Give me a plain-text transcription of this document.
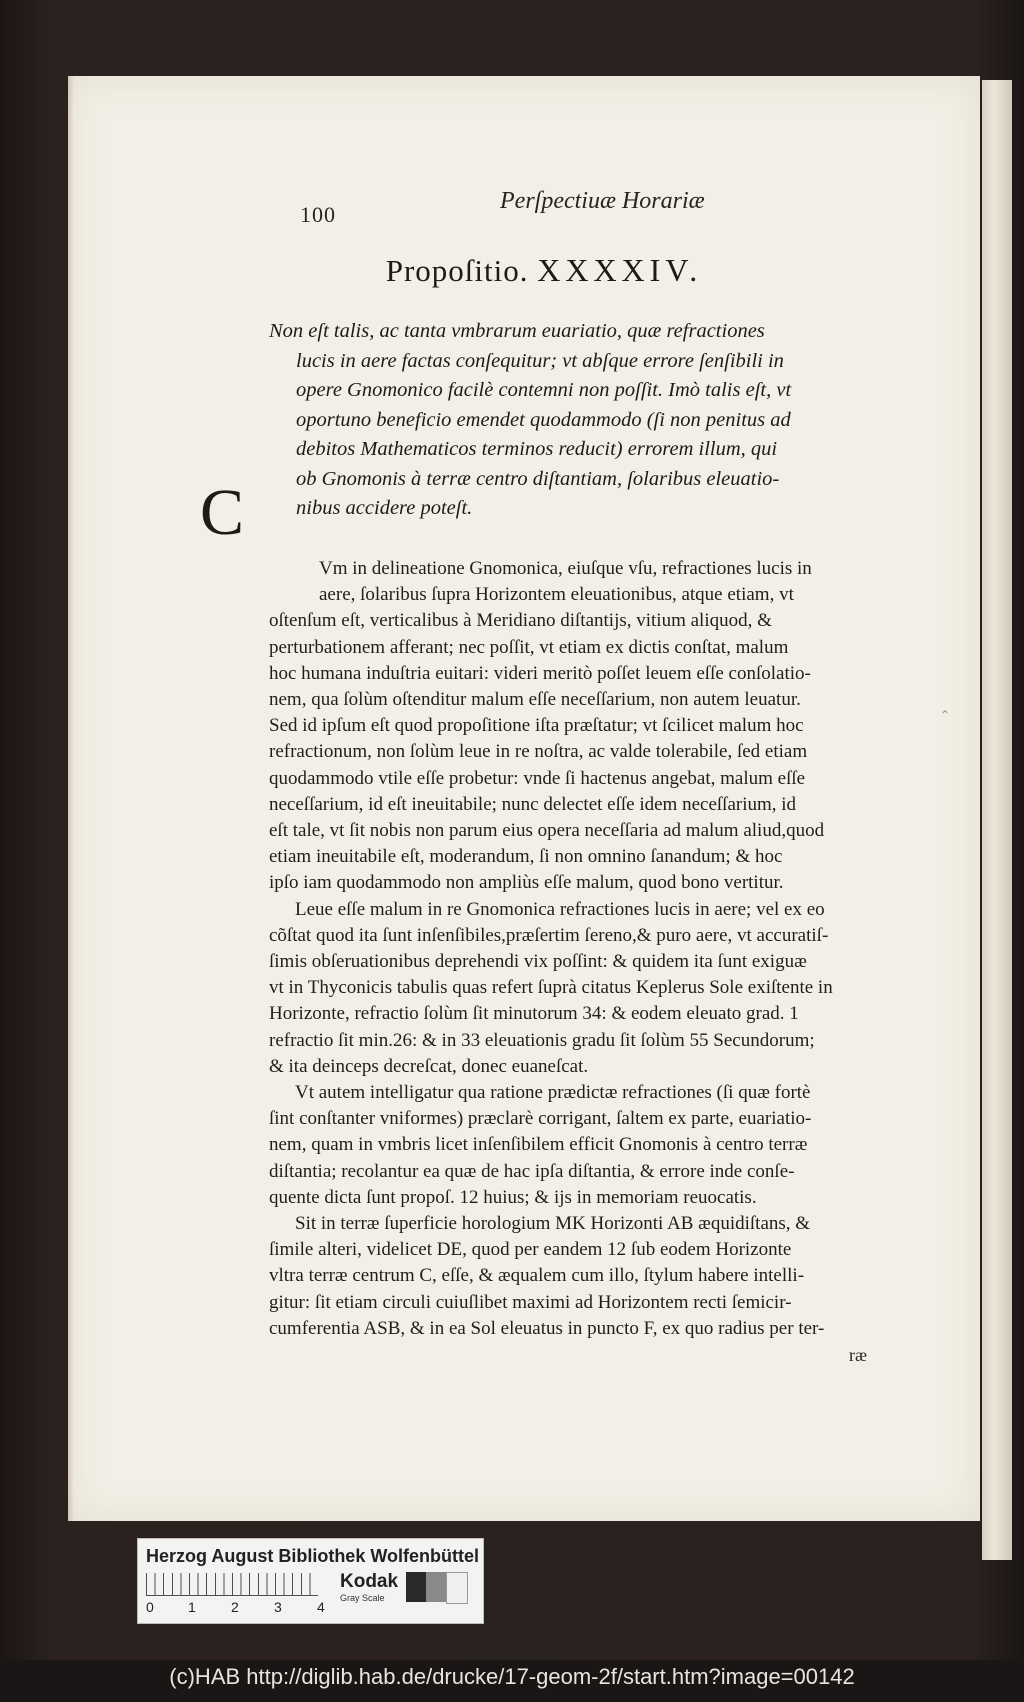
100
Perſpectiuæ Horariæ
Propoſitio. XXXXIV.
Non eſt talis, ac tanta vmbrarum euariatio, quæ refractiones
lucis in aere factas conſequitur; vt abſque errore ſenſibili in
opere Gnomonico facilè contemni non poſſit. Imò talis eſt, vt
oportuno beneficio emendet quodammodo (ſi non penitus ad
debitos Mathematicos terminos reducit) errorem illum, qui
ob Gnomonis à terræ centro diſtantiam, ſolaribus eleuatio-
nibus accidere poteſt.
⌃
C
Vm in delineatione Gnomonica, eiuſque vſu, refractiones lucis in
aere, ſolaribus ſupra Horizontem eleuationibus, atque etiam, vt
oſtenſum eſt, verticalibus à Meridiano diſtantijs, vitium aliquod, &
perturbationem afferant; nec poſſit, vt etiam ex dictis conſtat, malum
hoc humana induſtria euitari: videri meritò poſſet leuem eſſe conſolatio-
nem, qua ſolùm oſtenditur malum eſſe neceſſarium, non autem leuatur.
Sed id ipſum eſt quod propoſitione iſta præſtatur; vt ſcilicet malum hoc
refractionum, non ſolùm leue in re noſtra, ac valde tolerabile, ſed etiam
quodammodo vtile eſſe probetur: vnde ſi hactenus angebat, malum eſſe
neceſſarium, id eſt ineuitabile; nunc delectet eſſe idem neceſſarium, id
eſt tale, vt ſit nobis non parum eius opera neceſſaria ad malum aliud,quod
etiam ineuitabile eſt, moderandum, ſi non omnino ſanandum; & hoc
ipſo iam quodammodo non ampliùs eſſe malum, quod bono vertitur.
Leue eſſe malum in re Gnomonica refractiones lucis in aere; vel ex eo
cõſtat quod ita ſunt inſenſibiles,præſertim ſereno,& puro aere, vt accuratiſ-
ſimis obſeruationibus deprehendi vix poſſint: & quidem ita ſunt exiguæ
vt in Thyconicis tabulis quas refert ſuprà citatus Keplerus Sole exiſtente in
Horizonte, refractio ſolùm ſit minutorum 34: & eodem eleuato grad. 1
refractio ſit min.26: & in 33 eleuationis gradu ſit ſolùm 55 Secundorum;
& ita deinceps decreſcat, donec euaneſcat.
Vt autem intelligatur qua ratione prædictæ refractiones (ſi quæ fortè
ſint conſtanter vniformes) præclarè corrigant, ſaltem ex parte, euariatio-
nem, quam in vmbris licet inſenſibilem efficit Gnomonis à centro terræ
diſtantia; recolantur ea quæ de hac ipſa diſtantia, & errore inde conſe-
quente dicta ſunt propoſ. 12 huius; & ijs in memoriam reuocatis.
Sit in terræ ſuperficie horologium MK Horizonti AB æquidiſtans, &
ſimile alteri, videlicet DE, quod per eandem 12 ſub eodem Horizonte
vltra terræ centrum C, eſſe, & æqualem cum illo, ſtylum habere intelli-
gitur: ſit etiam circuli cuiuſlibet maximi ad Horizontem recti ſemicir-
cumferentia ASB, & in ea Sol eleuatus in puncto F, ex quo radius per ter-
ræ
Herzog August Bibliothek Wolfenbüttel
0 1	2	3	4
Kodak
Gray Scale
(c)HAB http://diglib.hab.de/drucke/17-geom-2f/start.htm?image=00142
